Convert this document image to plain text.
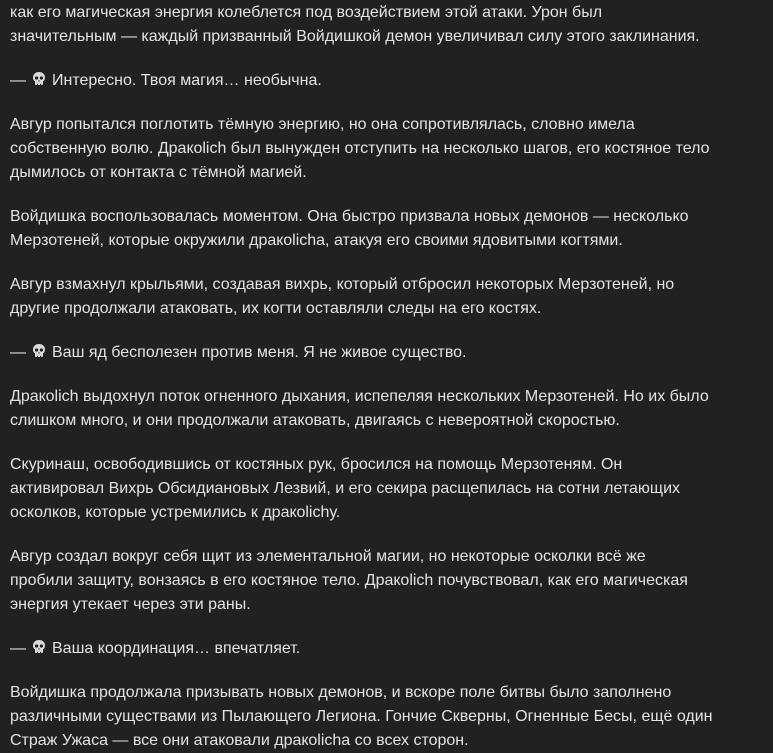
как его магическая энергия колеблется под воздействием этой атаки. Урон был
значительным — каждый призванный Войдишкой демон увеличивал силу этого заклинания.
— Интересно. Твоя магия… необычна.
Авгур попытался поглотить тёмную энергию, но она сопротивлялась, словно имела
собственную волю. Дракolich был вынужден отступить на несколько шагов, его костяное тело
дымилось от контакта с тёмной магией.
Войдишка воспользовалась моментом. Она быстро призвала новых демонов — несколько
Мерзотеней, которые окружили дракolichа, атакуя его своими ядовитыми когтями.
Авгур взмахнул крыльями, создавая вихрь, который отбросил некоторых Мерзотеней, но
другие продолжали атаковать, их когти оставляли следы на его костях.
— Ваш яд бесполезен против меня. Я не живое существо.
Дракolich выдохнул поток огненного дыхания, испепеляя нескольких Мерзотеней. Но их было
слишком много, и они продолжали атаковать, двигаясь с невероятной скоростью.
Скуринаш, освободившись от костяных рук, бросился на помощь Мерзотеням. Он
активировал Вихрь Обсидиановых Лезвий, и его секира расщепилась на сотни летающих
осколков, которые устремились к дракolichу.
Авгур создал вокруг себя щит из элементальной магии, но некоторые осколки всё же
пробили защиту, вонзаясь в его костяное тело. Дракolich почувствовал, как его магическая
энергия утекает через эти раны.
— Ваша координация… впечатляет.
Войдишка продолжала призывать новых демонов, и вскоре поле битвы было заполнено
различными существами из Пылающего Легиона. Гончие Скверны, Огненные Бесы, ещё один
Страж Ужаса — все они атаковали дракolichа со всех сторон.
